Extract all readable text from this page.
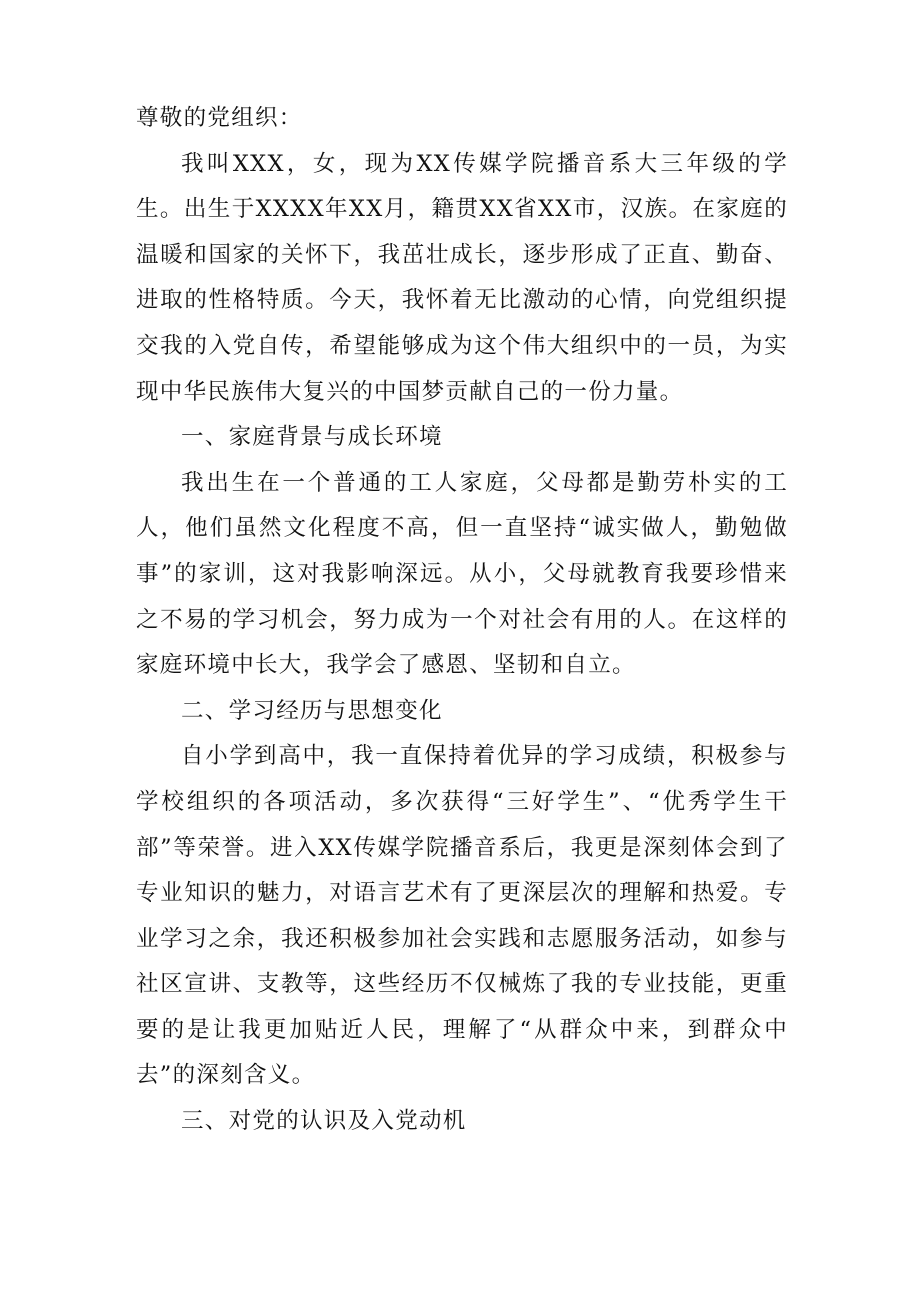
尊敬的党组织：

我叫XXX，女，现为XX传媒学院播音系大三年级的学生。出生于XXXX年XX月，籍贯XX省XX市，汉族。在家庭的温暖和国家的关怀下，我茁壮成长，逐步形成了正直、勤奋、进取的性格特质。今天，我怀着无比激动的心情，向党组织提交我的入党自传，希望能够成为这个伟大组织中的一员，为实现中华民族伟大复兴的中国梦贡献自己的一份力量。

一、家庭背景与成长环境

我出生在一个普通的工人家庭，父母都是勤劳朴实的工人，他们虽然文化程度不高，但一直坚持“诚实做人，勤勉做事”的家训，这对我影响深远。从小，父母就教育我要珍惜来之不易的学习机会，努力成为一个对社会有用的人。在这样的家庭环境中长大，我学会了感恩、坚韧和自立。

二、学习经历与思想变化

自小学到高中，我一直保持着优异的学习成绩，积极参与学校组织的各项活动，多次获得“三好学生”、“优秀学生干部”等荣誉。进入XX传媒学院播音系后，我更是深刻体会到了专业知识的魅力，对语言艺术有了更深层次的理解和热爱。专业学习之余，我还积极参加社会实践和志愿服务活动，如参与社区宣讲、支教等，这些经历不仅械炼了我的专业技能，更重要的是让我更加贴近人民，理解了“从群众中来，到群众中去”的深刻含义。

三、对党的认识及入党动机
